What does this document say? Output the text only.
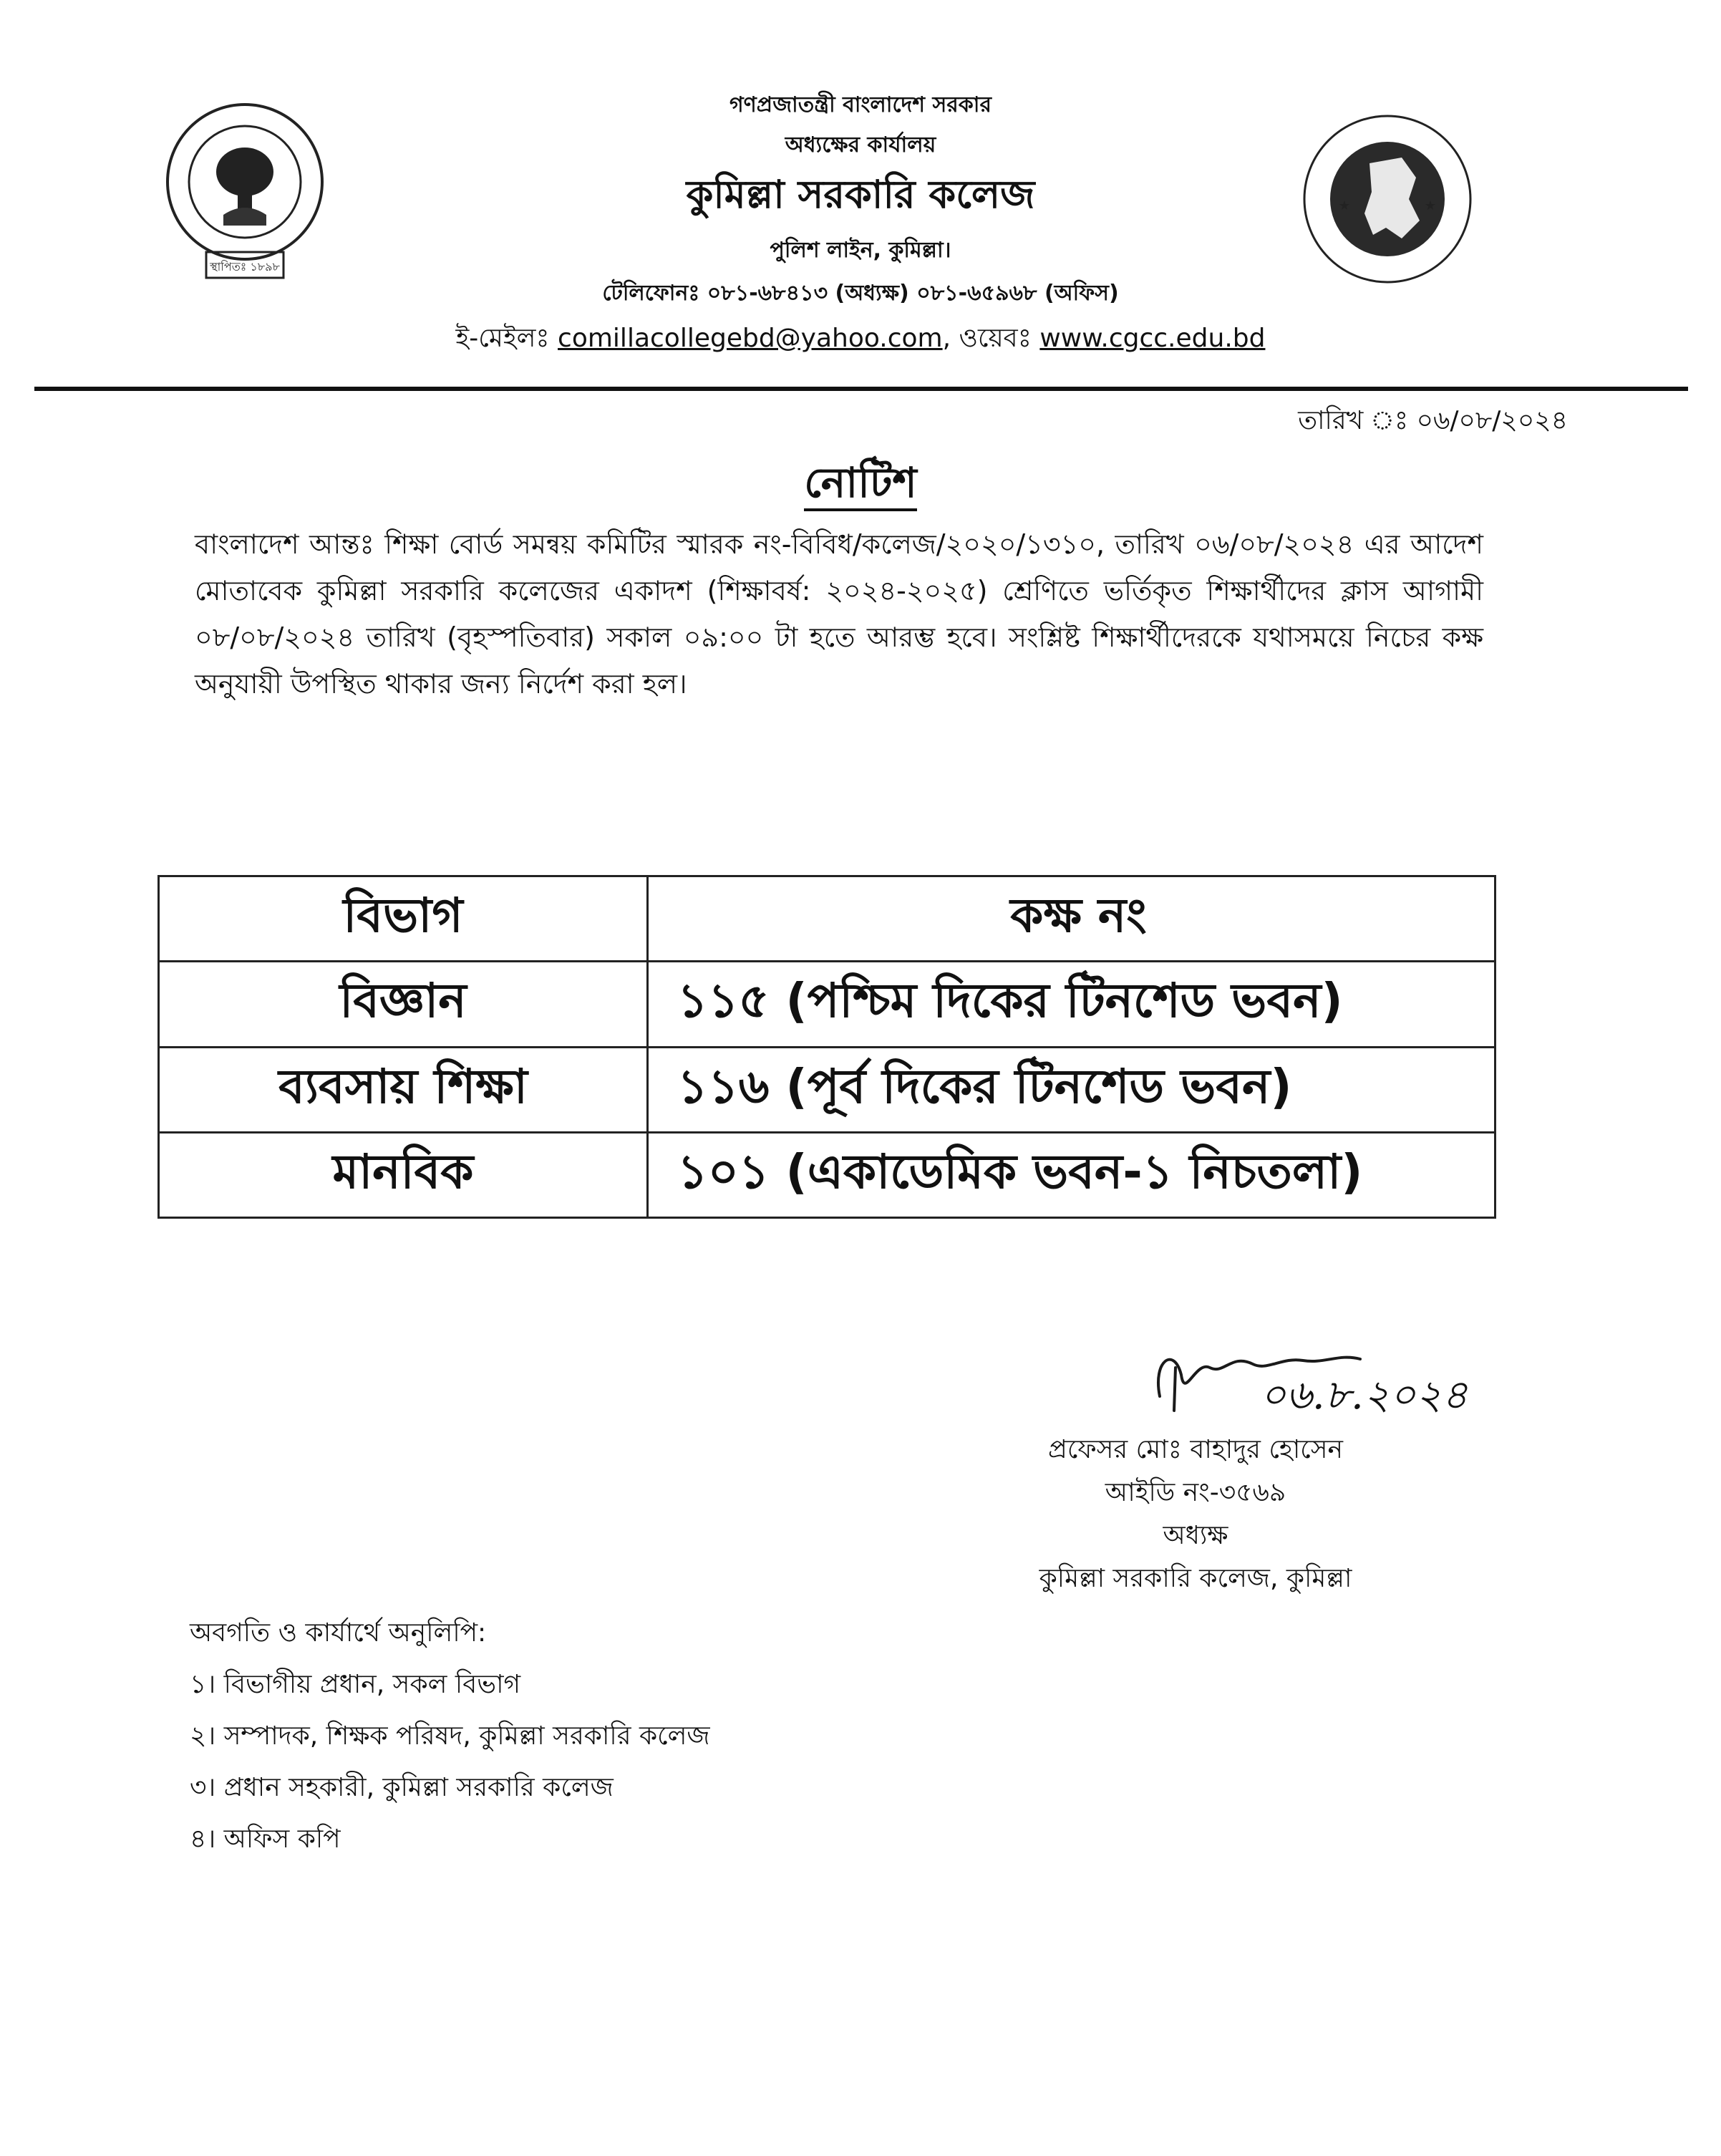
গণপ্রজাতন্ত্রী বাংলাদেশ সরকার
অধ্যক্ষের কার্যালয়
কুমিল্লা সরকারি কলেজ
পুলিশ লাইন, কুমিল্লা।
টেলিফোনঃ ০৮১-৬৮৪১৩ (অধ্যক্ষ) ০৮১-৬৫৯৬৮ (অফিস)
ই-মেইলঃ comillacollegebd@yahoo.com, ওয়েবঃ www.cgcc.edu.bd
স্থাপিতঃ ১৮৯৮
★	★
তারিখ ঃ ০৬/০৮/২০২৪
নোটিশ
বাংলাদেশ আন্তঃ শিক্ষা বোর্ড সমন্বয় কমিটির স্মারক নং-বিবিধ/কলেজ/২০২০/১৩১০, তারিখ ০৬/০৮/২০২৪ এর আদেশ মোতাবেক কুমিল্লা সরকারি কলেজের একাদশ (শিক্ষাবর্ষ: ২০২৪-২০২৫) শ্রেণিতে ভর্তিকৃত শিক্ষার্থীদের ক্লাস আগামী ০৮/০৮/২০২৪ তারিখ (বৃহস্পতিবার) সকাল ০৯:০০ টা হতে আরম্ভ হবে। সংশ্লিষ্ট শিক্ষার্থীদেরকে যথাসময়ে নিচের কক্ষ অনুযায়ী উপস্থিত থাকার জন্য নির্দেশ করা হল।
বিভাগ	কক্ষ নং
বিজ্ঞান	১১৫ (পশ্চিম দিকের টিনশেড ভবন)
ব্যবসায় শিক্ষা	১১৬ (পূর্ব দিকের টিনশেড ভবন)
মানবিক	১০১ (একাডেমিক ভবন-১ নিচতলা)
০৬.৮.২০২৪
প্রফেসর মোঃ বাহাদুর হোসেন
আইডি নং-৩৫৬৯
অধ্যক্ষ
কুমিল্লা সরকারি কলেজ, কুমিল্লা
অবগতি ও কার্যার্থে অনুলিপি:
১। বিভাগীয় প্রধান, সকল বিভাগ
২। সম্পাদক, শিক্ষক পরিষদ, কুমিল্লা সরকারি কলেজ
৩। প্রধান সহকারী, কুমিল্লা সরকারি কলেজ
৪। অফিস কপি
